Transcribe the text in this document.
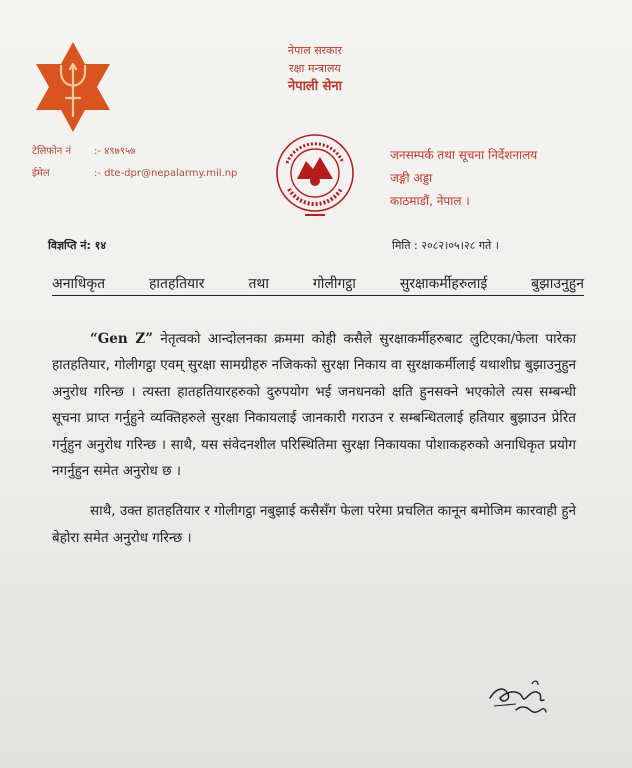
नेपाल सरकार
रक्षा मन्त्रालय
नेपाली सेना
टेलिफोन नं	:- ४९७९५७
ईमेल	:- dte-dpr@nepalarmy.mil.np
जनसम्पर्क तथा सूचना निर्देशनालय
जङ्गी अड्डा
काठमाडौं, नेपाल ।
विज्ञप्ति नं: १४	मिति : २०८२।०५।२८ गते ।
अनाधिकृत हातहतियार तथा गोलीगट्ठा सुरक्षाकर्मीहरुलाई बुझाउनुहुन

“Gen Z” नेतृत्वको आन्दोलनका क्रममा कोही कसैले सुरक्षाकर्मीहरुबाट लुटिएका/फेला पारेका हातहतियार, गोलीगट्ठा एवम् सुरक्षा सामग्रीहरु नजिकको सुरक्षा निकाय वा सुरक्षाकर्मीलाई यथाशीघ्र बुझाउनुहुन अनुरोध गरिन्छ । त्यस्ता हातहतियारहरुको दुरुपयोग भई जनधनको क्षति हुनसक्ने भएकोले त्यस सम्बन्धी सूचना प्राप्त गर्नुहुने व्यक्तिहरुले सुरक्षा निकायलाई जानकारी गराउन र सम्बन्धितलाई हतियार बुझाउन प्रेरित गर्नुहुन अनुरोध गरिन्छ । साथै, यस संवेदनशील परिस्थितिमा सुरक्षा निकायका पोशाकहरुको अनाधिकृत प्रयोग नगर्नुहुन समेत अनुरोध छ ।

साथै, उक्त हातहतियार र गोलीगट्ठा नबुझाई कसैसँग फेला परेमा प्रचलित कानून बमोजिम कारवाही हुने बेहोरा समेत अनुरोध गरिन्छ ।
